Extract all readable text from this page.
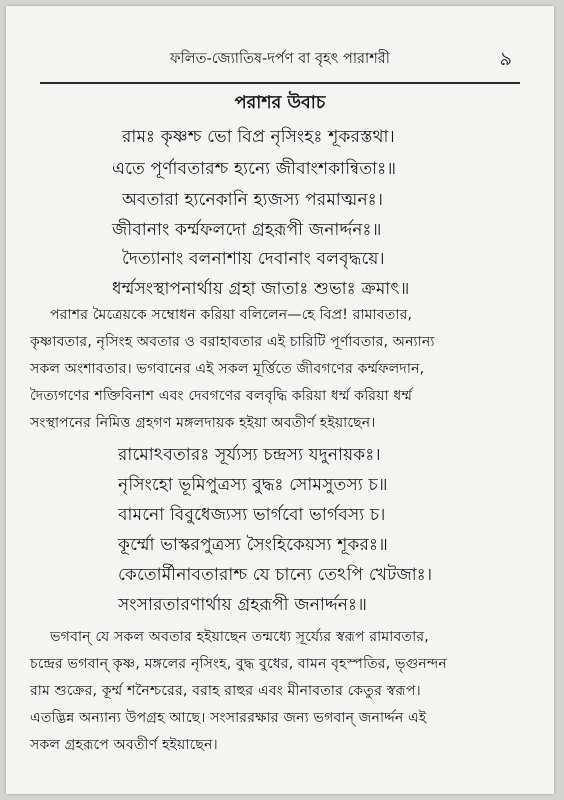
ফলিত-জ্যোতিষ-দর্পণ বা বৃহৎ পারাশরী	৯
পরাশর উবাচ
রামঃ কৃষ্ণশ্চ ভো বিপ্র নৃসিংহঃ শূকরস্তথা।
এতে পূর্ণাবতারশ্চ হ্যন্যে জীবাংশকান্বিতাঃ॥
অবতারা হ্যনেকানি হ্যজস্য পরমাত্মনঃ।
জীবানাং কর্ম্মফলদো গ্রহরূপী জনার্দ্দনঃ॥
দৈত্যানাং বলনাশায় দেবানাং বলবৃদ্ধয়ে।
ধর্ম্মসংস্থাপনার্থায় গ্রহা জাতাঃ শুভাঃ ক্রমাৎ॥
পরাশর মৈত্রেয়কে সম্বোধন করিয়া বলিলেন—হে বিপ্র! রামাবতার,
কৃষ্ণাবতার, নৃসিংহ অবতার ও বরাহাবতার এই চারিটি পূর্ণাবতার, অন্যান্য
সকল অংশাবতার। ভগবানের এই সকল মূর্ত্তিতে জীবগণের কর্ম্মফলদান,
দৈত্যগণের শক্তিবিনাশ এবং দেবগণের বলবৃদ্ধি করিয়া ধর্ম্ম করিয়া ধর্ম্ম
সংস্থাপনের নিমিত্ত গ্রহগণ মঙ্গলদায়ক হইয়া অবতীর্ণ হইয়াছেন।
রামোঽবতারঃ সূর্য্যস্য চন্দ্রস্য যদুনায়কঃ।
নৃসিংহো ভূমিপুত্রস্য বুদ্ধঃ সোমসুতস্য চ॥
বামনো বিবুধেজ্যস্য ভার্গবো ভার্গবস্য চ।
কূর্ম্মো ভাস্করপুত্রস্য সৈংহিকেয়স্য শূকরঃ॥
কেতোর্মীনাবতারাশ্চ যে চান্যে তেঽপি খেটজাঃ।
সংসারতারণার্থায় গ্রহরূপী জনার্দ্দনঃ॥
ভগবান্ যে সকল অবতার হইয়াছেন তন্মধ্যে সূর্য্যের স্বরূপ রামাবতার,
চন্দ্রের ভগবান্ কৃষ্ণ, মঙ্গলের নৃসিংহ, বুদ্ধ বুধের, বামন বৃহস্পতির, ভৃগুনন্দন
রাম শুক্রের, কূর্ম্ম শনৈশ্চরের, বরাহ রাহুর এবং মীনাবতার কেতুর স্বরূপ।
এতদ্ভিন্ন অন্যান্য উপগ্রহ আছে। সংসাররক্ষার জন্য ভগবান্ জনার্দ্দন এই
সকল গ্রহরূপে অবতীর্ণ হইয়াছেন।
